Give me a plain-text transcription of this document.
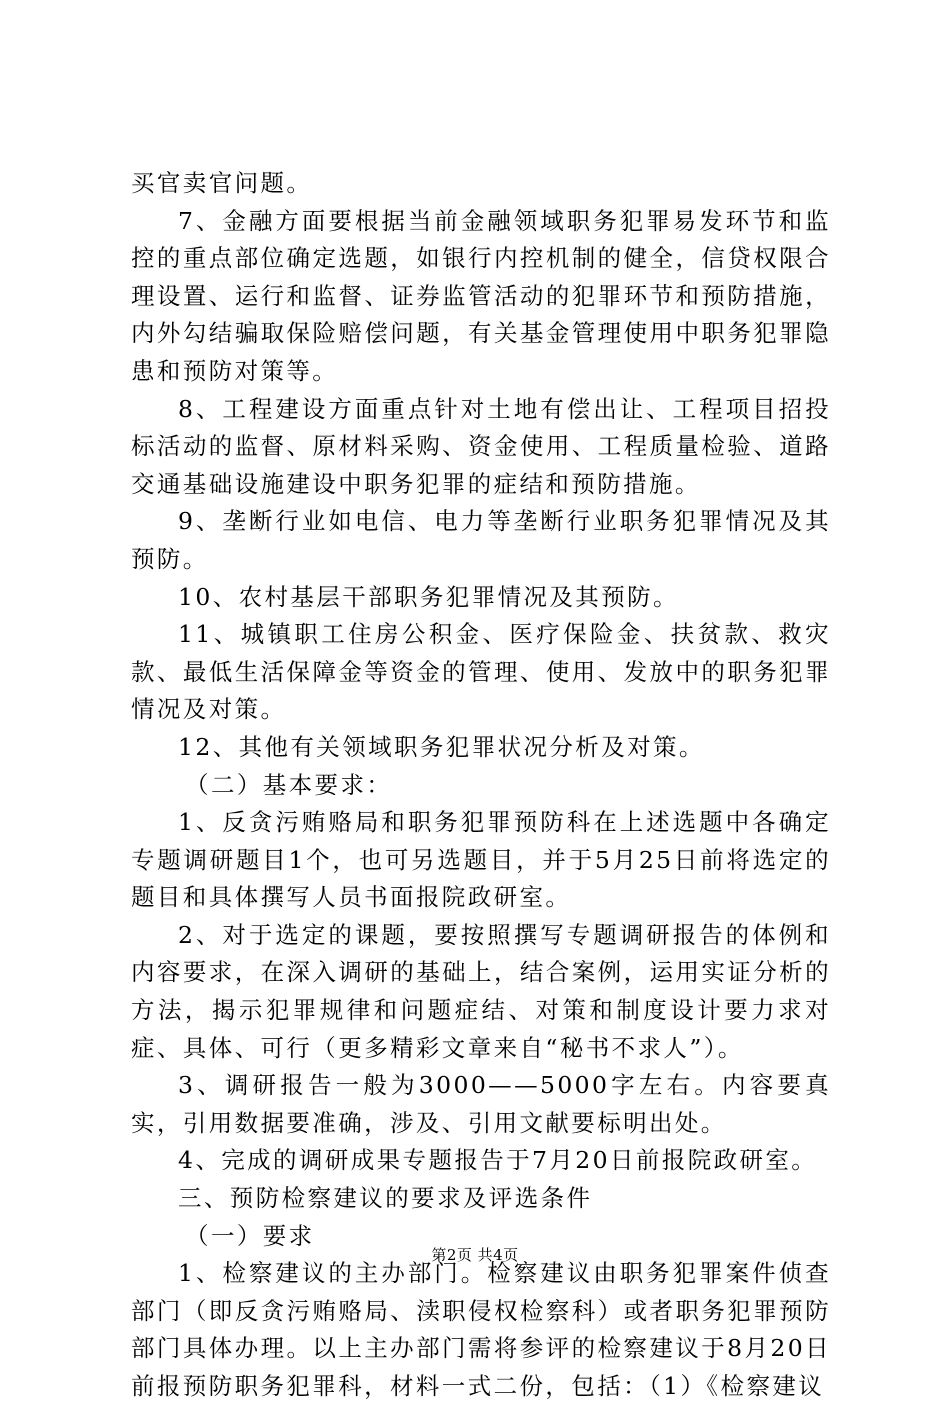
买官卖官问题。

7、金融方面要根据当前金融领域职务犯罪易发环节和监控的重点部位确定选题，如银行内控机制的健全，信贷权限合理设置、运行和监督、证券监管活动的犯罪环节和预防措施，内外勾结骗取保险赔偿问题，有关基金管理使用中职务犯罪隐患和预防对策等。

8、工程建设方面重点针对土地有偿出让、工程项目招投标活动的监督、原材料采购、资金使用、工程质量检验、道路交通基础设施建设中职务犯罪的症结和预防措施。

9、垄断行业如电信、电力等垄断行业职务犯罪情况及其预防。

10、农村基层干部职务犯罪情况及其预防。

11、城镇职工住房公积金、医疗保险金、扶贫款、救灾款、最低生活保障金等资金的管理、使用、发放中的职务犯罪情况及对策。

12、其他有关领域职务犯罪状况分析及对策。

（二）基本要求：

1、反贪污贿赂局和职务犯罪预防科在上述选题中各确定专题调研题目1个，也可另选题目，并于5月25日前将选定的题目和具体撰写人员书面报院政研室。

2、对于选定的课题，要按照撰写专题调研报告的体例和内容要求，在深入调研的基础上，结合案例，运用实证分析的方法，揭示犯罪规律和问题症结、对策和制度设计要力求对症、具体、可行（更多精彩文章来自“秘书不求人”）。

3、调研报告一般为3000——5000字左右。内容要真实，引用数据要准确，涉及、引用文献要标明出处。

4、完成的调研成果专题报告于7月20日前报院政研室。

三、预防检察建议的要求及评选条件

（一）要求

1、检察建议的主办部门。检察建议由职务犯罪案件侦查部门（即反贪污贿赂局、渎职侵权检察科）或者职务犯罪预防部门具体办理。以上主办部门需将参评的检察建议于8月20日前报预防职务犯罪科，材料一式二份，包括：（1）《检察建议

第2页 共4页
